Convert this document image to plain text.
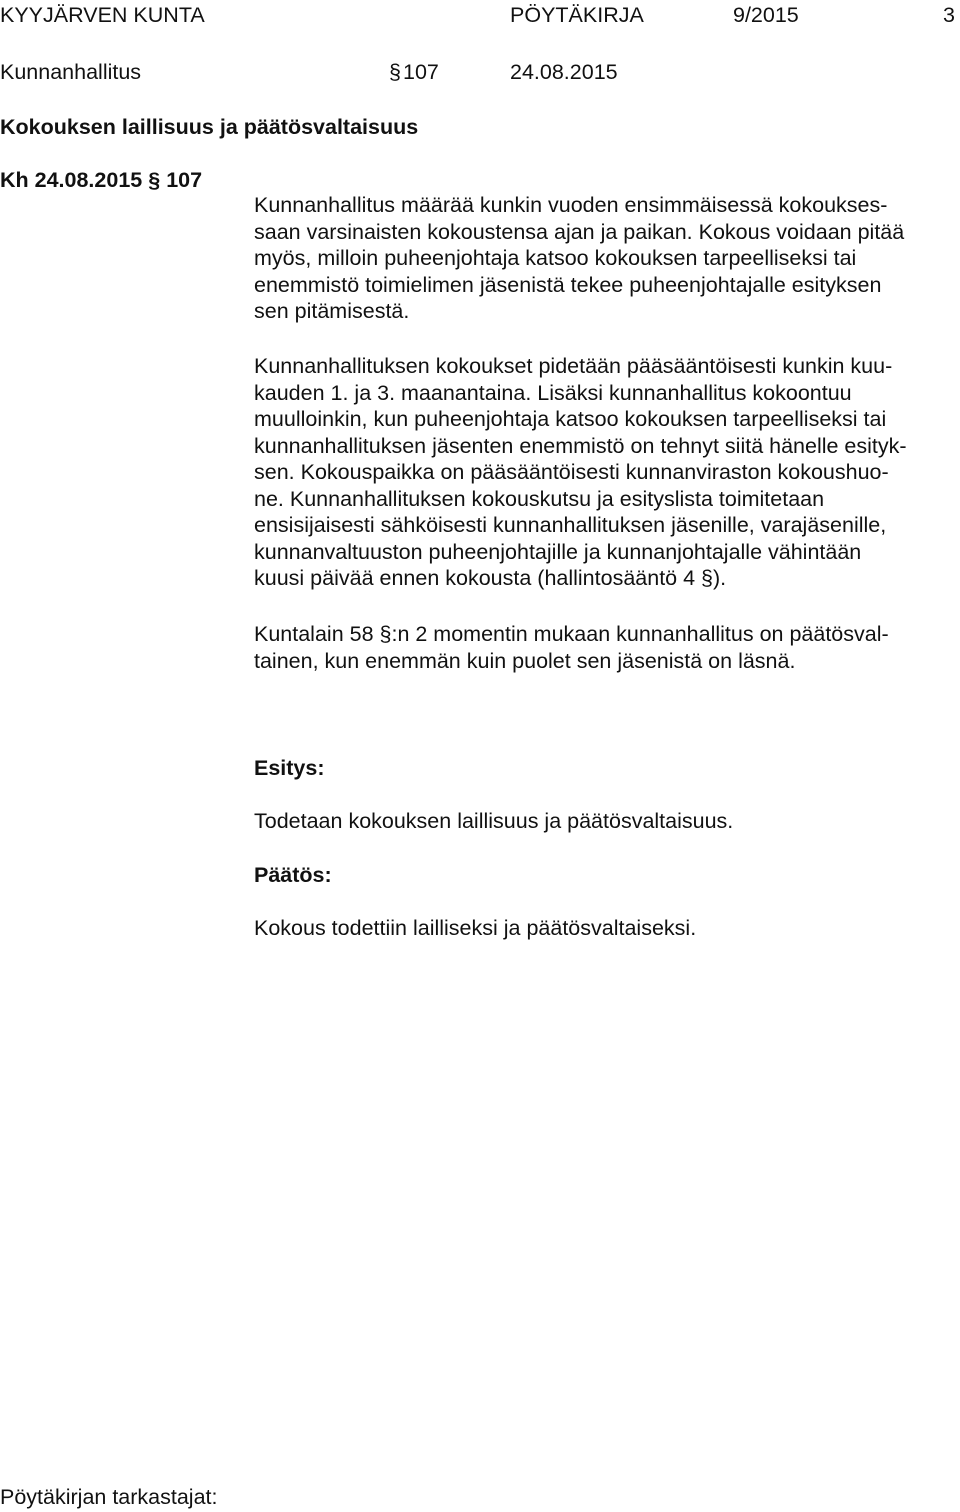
KYYJÄRVEN KUNTA	PÖYTÄKIRJA	9/2015	3
Kunnanhallitus	§ 107	24.08.2015
Kokouksen laillisuus ja päätösvaltaisuus
Kh 24.08.2015 § 107
Kunnanhallitus määrää kunkin vuoden ensimmäisessä kokoukses-
saan varsinaisten kokoustensa ajan ja paikan. Kokous voidaan pitää
myös, milloin puheenjohtaja katsoo kokouksen tarpeelliseksi tai
enemmistö toimielimen jäsenistä tekee puheenjohtajalle esityksen
sen pitämisestä.
Kunnanhallituksen kokoukset pidetään pääsääntöisesti kunkin kuu-
kauden 1. ja 3. maanantaina. Lisäksi kunnanhallitus kokoontuu
muulloinkin, kun puheenjohtaja katsoo kokouksen tarpeelliseksi tai
kunnanhallituksen jäsenten enemmistö on tehnyt siitä hänelle esityk-
sen. Kokouspaikka on pääsääntöisesti kunnanviraston kokoushuo-
ne. Kunnanhallituksen kokouskutsu ja esityslista toimitetaan
ensisijaisesti sähköisesti kunnanhallituksen jäsenille, varajäsenille,
kunnanvaltuuston puheenjohtajille ja kunnanjohtajalle vähintään
kuusi päivää ennen kokousta (hallintosääntö 4 §).
Kuntalain 58 §:n 2 momentin mukaan kunnanhallitus on päätösval-
tainen, kun enemmän kuin puolet sen jäsenistä on läsnä.
Esitys:
Todetaan kokouksen laillisuus ja päätösvaltaisuus.
Päätös:
Kokous todettiin lailliseksi ja päätösvaltaiseksi.
Pöytäkirjan tarkastajat:
